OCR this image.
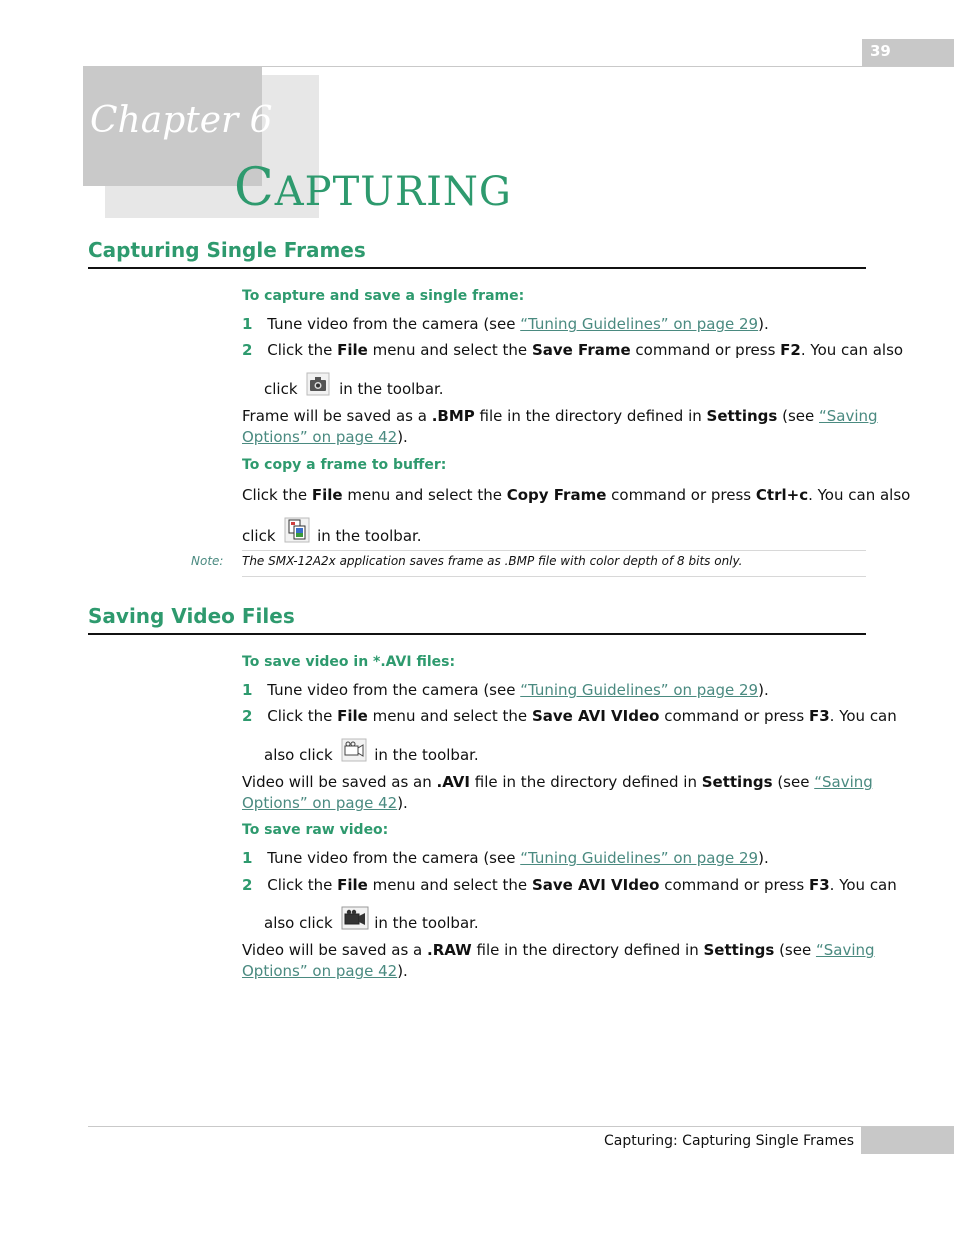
39
Chapter 6
CAPTURING
Capturing Single Frames
To capture and save a single frame:
1 Tune video from the camera (see “Tuning Guidelines” on page 29).
2 Click the File menu and select the Save Frame command or press F2. You can also
click	in the toolbar.
Frame will be saved as a .BMP file in the directory defined in Settings (see “Saving
Options” on page 42).
To copy a frame to buffer:
Click the File menu and select the Copy Frame command or press Ctrl+c. You can also
click	in the toolbar.
Note: The SMX-12A2x application saves frame as .BMP file with color depth of 8 bits only.
Saving Video Files
To save video in *.AVI files:
1 Tune video from the camera (see “Tuning Guidelines” on page 29).
2 Click the File menu and select the Save AVI VIdeo command or press F3. You can
also click	in the toolbar.
Video will be saved as an .AVI file in the directory defined in Settings (see “Saving
Options” on page 42).
To save raw video:
1 Tune video from the camera (see “Tuning Guidelines” on page 29).
2 Click the File menu and select the Save AVI VIdeo command or press F3. You can
also click	in the toolbar.
Video will be saved as a .RAW file in the directory defined in Settings (see “Saving
Options” on page 42).
Capturing: Capturing Single Frames
